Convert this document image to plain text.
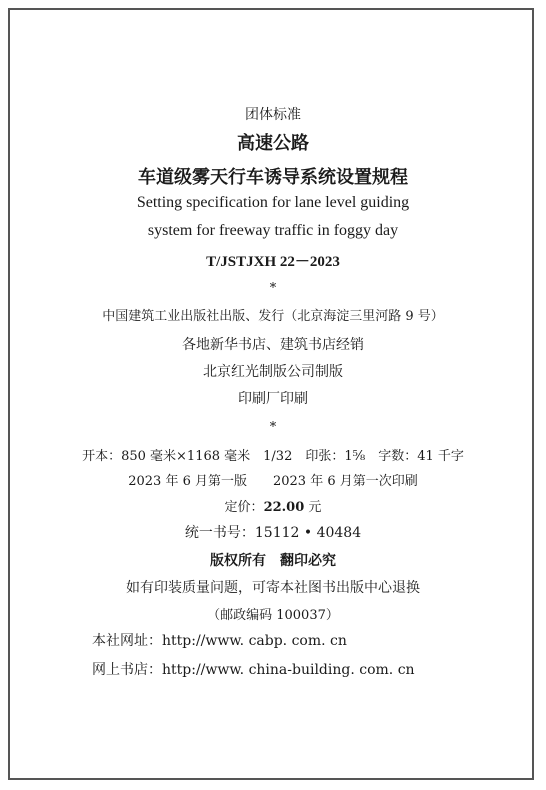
团体标准
高速公路
车道级雾天行车诱导系统设置规程
Setting specification for lane level guiding
system for freeway traffic in foggy day
T/JSTJXH 22－2023
*
中国建筑工业出版社出版、发行（北京海淀三里河路 9 号）
各地新华书店、建筑书店经销
北京红光制版公司制版
印刷厂印刷
*
开本：850 毫米×1168 毫米　1/32　印张：1⅝　字数：41 千字
2023 年 6 月第一版　　2023 年 6 月第一次印刷
定价：22.00 元
统一书号：15112 • 40484
版权所有　翻印必究
如有印装质量问题，可寄本社图书出版中心退换
（邮政编码 100037）
本社网址：http://www. cabp. com. cn
网上书店：http://www. china-building. com. cn
